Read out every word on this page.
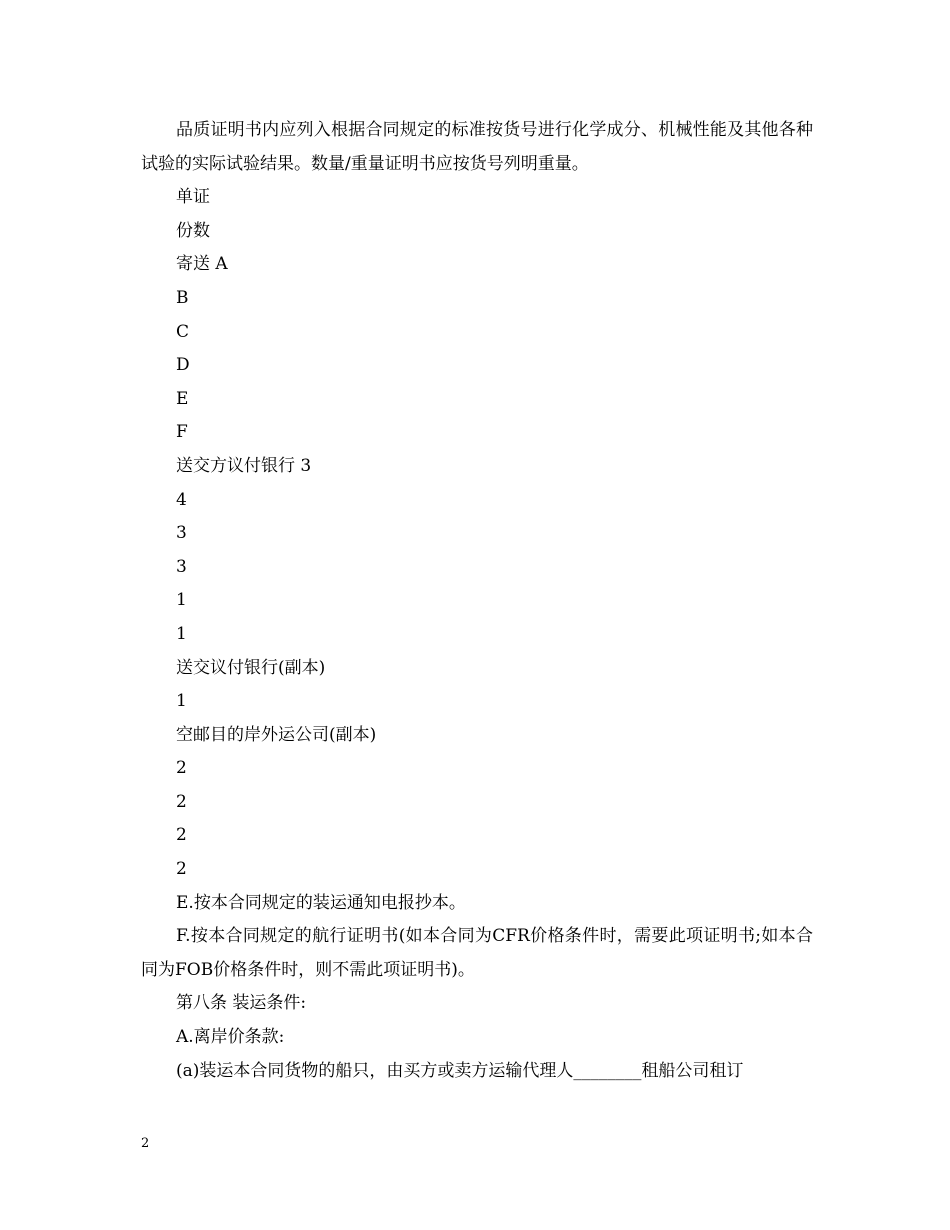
品质证明书内应列入根据合同规定的标准按货号进行化学成分、机械性能及其他各种试验的实际试验结果。数量/重量证明书应按货号列明重量。
单证
份数
寄送 A
B
C
D
E
F
送交方议付银行 3
4
3
3
1
1
送交议付银行(副本)
1
空邮目的岸外运公司(副本)
2
2
2
2
E.按本合同规定的装运通知电报抄本。
F.按本合同规定的航行证明书(如本合同为CFR价格条件时，需要此项证明书;如本合同为FOB价格条件时，则不需此项证明书)。
第八条 装运条件:
A.离岸价条款:
(a)装运本合同货物的船只，由买方或卖方运输代理人________租船公司租订
2
